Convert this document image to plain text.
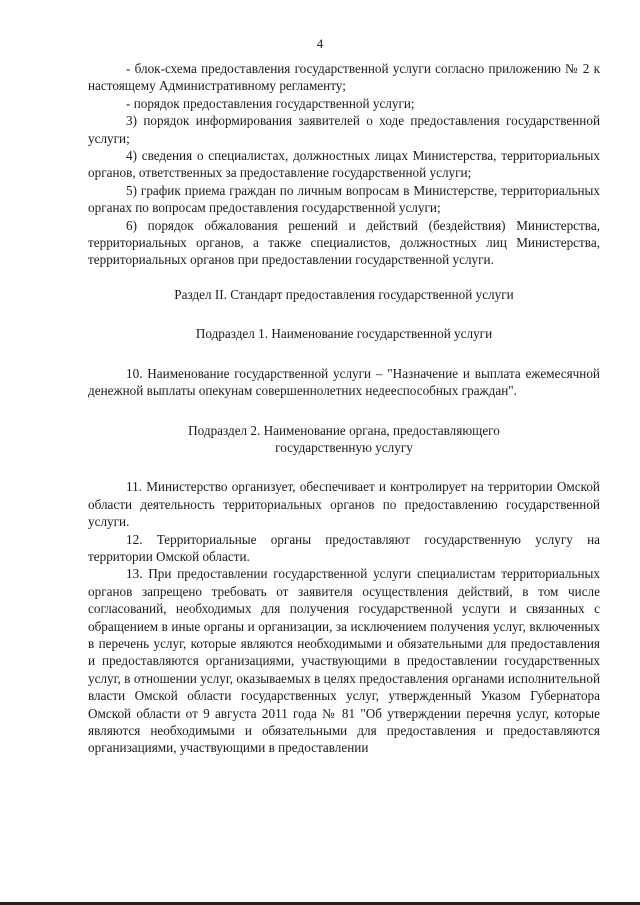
4

- блок-схема предоставления государственной услуги согласно приложению № 2 к настоящему Административному регламенту;

- порядок предоставления государственной услуги;

3) порядок информирования заявителей о ходе предоставления государственной услуги;

4) сведения о специалистах, должностных лицах Министерства, территориальных органов, ответственных за предоставление государственной услуги;

5) график приема граждан по личным вопросам в Министерстве, территориальных органах по вопросам предоставления государственной услуги;

6) порядок обжалования решений и действий (бездействия) Министерства, территориальных органов, а также специалистов, должностных лиц Министерства, территориальных органов при предоставлении государственной услуги.

Раздел II. Стандарт предоставления государственной услуги
Подраздел 1. Наименование государственной услуги

10. Наименование государственной услуги – "Назначение и выплата ежемесячной денежной выплаты опекунам совершеннолетних недееспособных граждан".

Подраздел 2. Наименование органа, предоставляющего
государственную услугу

11. Министерство организует, обеспечивает и контролирует на территории Омской области деятельность территориальных органов по предоставлению государственной услуги.

12. Территориальные органы предоставляют государственную услугу на территории Омской области.

13. При предоставлении государственной услуги специалистам территориальных органов запрещено требовать от заявителя осуществления действий, в том числе согласований, необходимых для получения государственной услуги и связанных с обращением в иные органы и организации, за исключением получения услуг, включенных в перечень услуг, которые являются необходимыми и обязательными для предоставления и предоставляются организациями, участвующими в предоставлении государственных услуг, в отношении услуг, оказываемых в целях предоставления органами исполнительной власти Омской области государственных услуг, утвержденный Указом Губернатора Омской области от 9 августа 2011 года № 81 "Об утверждении перечня услуг, которые являются необходимыми и обязательными для предоставления и предоставляются организациями, участвующими в предоставлении
